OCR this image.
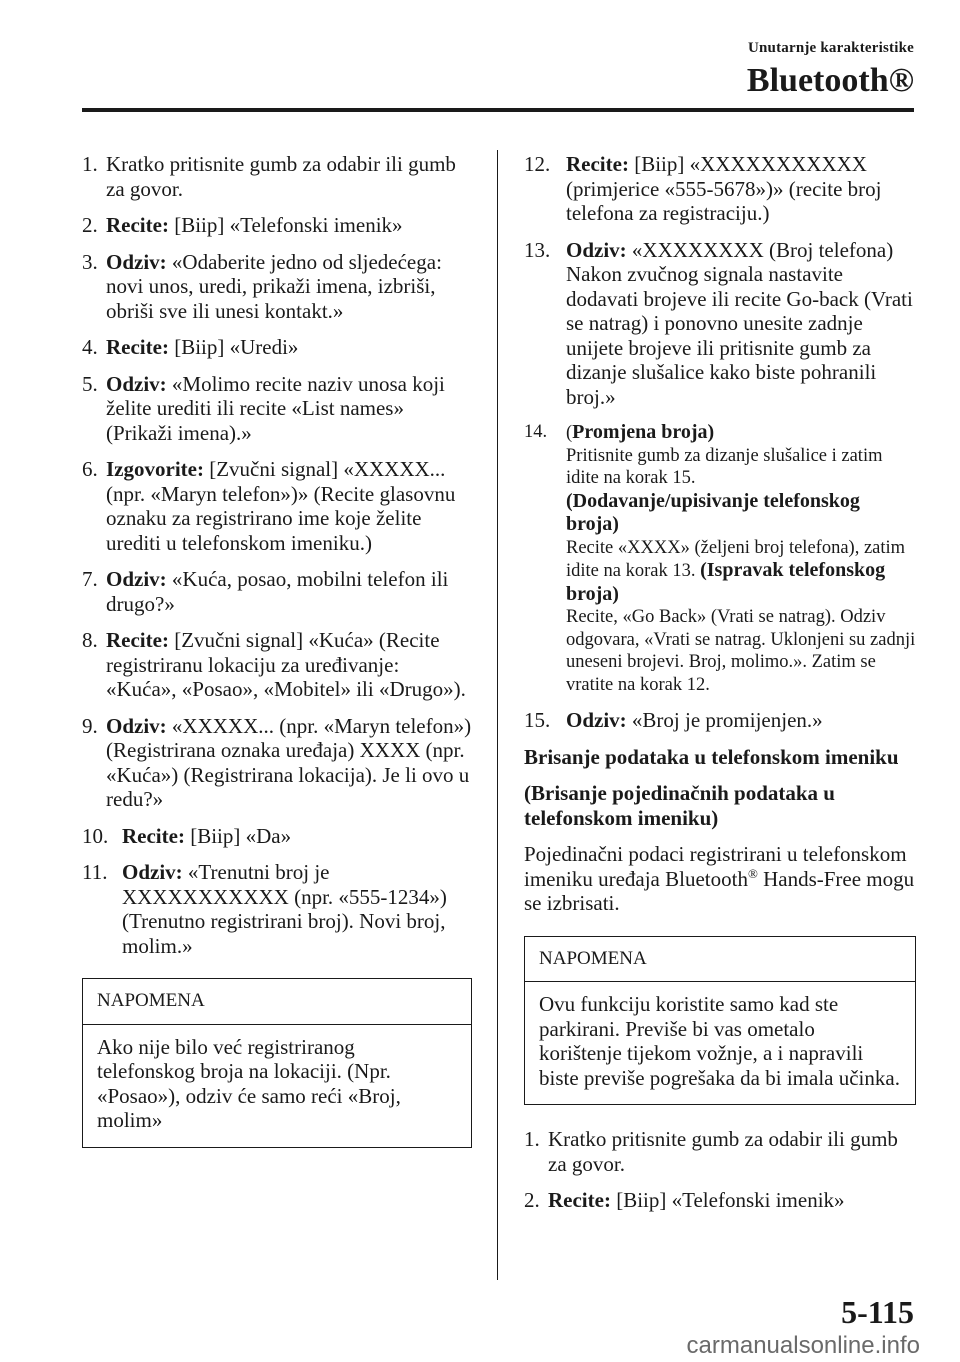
Unutarnje karakteristike
Bluetooth®
1. Kratko pritisnite gumb za odabir ili gumb za govor.
2. Recite: [Biip] «Telefonski imenik»
3. Odziv: «Odaberite jedno od sljedećega: novi unos, uredi, prikaži imena, izbriši, obriši sve ili unesi kontakt.»
4. Recite: [Biip] «Uredi»
5. Odziv: «Molimo recite naziv unosa koji želite urediti ili recite «List names» (Prikaži imena).»
6. Izgovorite: [Zvučni signal] «XXXXX... (npr. «Maryn telefon»)» (Recite glasovnu oznaku za registrirano ime koje želite urediti u telefonskom imeniku.)
7. Odziv: «Kuća, posao, mobilni telefon ili drugo?»
8. Recite: [Zvučni signal] «Kuća» (Recite registriranu lokaciju za uređivanje: «Kuća», «Posao», «Mobitel» ili «Drugo»).
9. Odziv: «XXXXX... (npr. «Maryn telefon») (Registrirana oznaka uređaja) XXXX (npr. «Kuća») (Registrirana lokacija). Je li ovo u redu?»
10. Recite: [Biip] «Da»
11. Odziv: «Trenutni broj je XXXXXXXXXXX (npr. «555-1234») (Trenutno registrirani broj). Novi broj, molim.»
NAPOMENA
Ako nije bilo već registriranog telefonskog broja na lokaciji. (Npr. «Posao»), odziv će samo reći «Broj, molim»
12. Recite: [Biip] «XXXXXXXXXXX (primjerice «555-5678»)» (recite broj telefona za registraciju.)
13. Odziv: «XXXXXXXX (Broj telefona) Nakon zvučnog signala nastavite dodavati brojeve ili recite Go-back (Vrati se natrag) i ponovno unesite zadnje unijete brojeve ili pritisnite gumb za dizanje slušalice kako biste pohranili broj.»
14. (Promjena broja)
Pritisnite gumb za dizanje slušalice i zatim idite na korak 15.
(Dodavanje/upisivanje telefonskog broja)
Recite «XXXX» (željeni broj telefona), zatim idite na korak 13. (Ispravak telefonskog broja)
Recite, «Go Back» (Vrati se natrag). Odziv odgovara, «Vrati se natrag. Uklonjeni su zadnji uneseni brojevi. Broj, molimo.». Zatim se vratite na korak 12.
15. Odziv: «Broj je promijenjen.»
Brisanje podataka u telefonskom imeniku
(Brisanje pojedinačnih podataka u telefonskom imeniku)
Pojedinačni podaci registrirani u telefonskom imeniku uređaja Bluetooth® Hands-Free mogu se izbrisati.
NAPOMENA
Ovu funkciju koristite samo kad ste parkirani. Previše bi vas ometalo korištenje tijekom vožnje, a i napravili biste previše pogrešaka da bi imala učinka.
1. Kratko pritisnite gumb za odabir ili gumb za govor.
2. Recite: [Biip] «Telefonski imenik»
5-115
carmanualsonline.info
